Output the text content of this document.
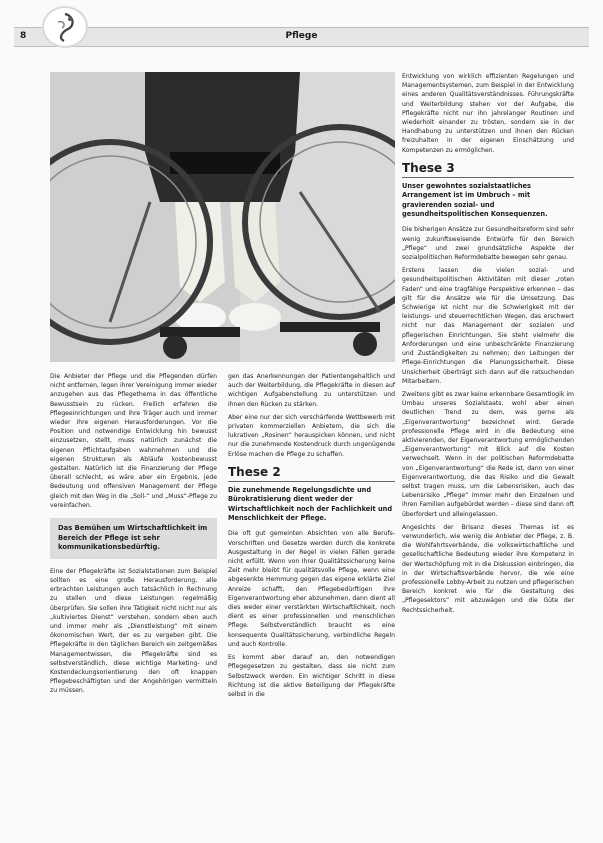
8	Pflege

Die Anbieter der Pflege und die Pflegenden dürfen nicht entfernen, legen ihrer Vereinigung immer wieder anzugehen aus das Pflegethema in das öffentliche Bewusstsein zu rücken. Freilich erfahren die Pflegeeinrichtungen und ihre Träger auch und immer wieder ihre eigenen Herausforderungen. Vor die Position und notwendige Entwicklung hin bewusst einzusetzen, stellt, muss natürlich zunächst die eigenen Pflichtaufgaben wahrnehmen und die eigenen Strukturen als Abläufe kostenbewusst gestalten. Natürlich ist die Finanzierung der Pflege überall schlecht, es wäre aber ein Ergebnis, jede Bedeutung und offensiven Management der Pflege gleich mit den Weg in die „Soll-“ und „Muss“-Pflege zu vereinfachen.

Das Bemühen um Wirtschaftlichkeit im Bereich der Pflege ist sehr kommunikationsbedürftig.

Eine der Pflegekräfte ist Sozialstationen zum Beispiel sollten es eine große Herausforderung, alle erbrachten Leistungen auch tatsächlich in Rechnung zu stellen und diese Leistungen regelmäßig überprüfen. Sie sollen ihre Tätigkeit nicht nicht nur als „kultiviertes Dienst“ verstehen, sondern eben auch und immer mehr als „Dienstleistung“ mit einem ökonomischen Wert, der es zu vergeben gibt. Die Pflegekräfte in den täglichen Bereich ein zeitgemäßes Managementwissen, die Pflegekräfte sind es selbstverständlich, diese wichtige Marketing- und Kostendeckungsorientierung den oft knappen Pflegebeschäftigten und der Angehörigen vermitteln zu müssen.

gen das Anerkennungen der Patientengehaltlich und auch der Weiterbildung, die Pflegekräfte in diesen auf wichtigen Aufgabenstellung zu unterstützen und ihnen den Rücken zu stärken.

Aber eine nur der sich verschärfende Wettbewerb mit privaten kommerziellen Anbietern, die sich die lukrativen „Rosinen“ herauspicken können, und nicht nur die zunehmende Kostendruck durch ungenügende Erlöse machen die Pflege zu schaffen.

These 2
Die zunehmende Regelungsdichte und Bürokratisierung dient weder der Wirtschaftlichkeit noch der Fachlichkeit und Menschlichkeit der Pflege.

Die oft gut gemeinten Absichten von alle Berufs- Vorschriften und Gesetze werden durch die konkrete Ausgestaltung in der Regel in vielen Fällen gerade nicht erfüllt. Wenn von Ihrer Qualitätssicherung keine Zeit mehr bleibt für qualitätsvolle Pflege, wenn eine abgesenkte Hemmung gegen das eigene erklärte Ziel Anreize schafft, den Pflegebedürftigen ihre Eigenverantwortung eher abzunehmen, dann dient all dies weder einer verstärkten Wirtschaftlichkeit, noch dient es einer professionellen und menschlichen Pflege. Selbstverständlich braucht es eine konsequente Qualitätssicherung, verbindliche Regeln und auch Kontrolle.

Es kommt aber darauf an, den notwendigen Pflegegesetzen zu gestalten, dass sie nicht zum Selbstzweck werden. Ein wichtiger Schritt in diese Richtung ist die aktive Beteiligung der Pflegekräfte selbst in die

Entwicklung von wirklich effizienten Regelungen und Managementsystemen, zum Beispiel in der Entwicklung eines anderen Qualitätsverständnisses. Führungskräfte und Weiterbildung stehen vor der Aufgabe, die Pflegekräfte nicht nur ihn jahrelanger Routinen und wiederholt einander zu trösten, sondern sie in der Handhabung zu unterstützen und ihnen den Rücken freizuhalten in der eigenen Einschätzung und Kompetenzen zu ermöglichen.

These 3
Unser gewohntes sozialstaatliches Arrangement ist im Umbruch – mit gravierenden sozial- und gesundheitspolitischen Konsequenzen.

Die bisherigen Ansätze zur Gesundheitsreform sind sehr wenig zukunftsweisende Entwürfe für den Bereich „Pflege“ und zwei grundsätzliche Aspekte der sozialpolitischen Reformdebatte bewegen sehr genau.

Erstens lassen die vielen sozial- und gesundheitspolitischen Aktivitäten mit dieser „roten Faden“ und eine tragfähige Perspektive erkennen – das gilt für die Ansätze wie für die Umsetzung. Das Schwierige ist nicht nur die Schwierigkeit mit der leistungs- und steuerrechtlichen Wegen, das erschwert nicht nur das Management der sozialen und pflegerischen Einrichtungen. Sie steht vielmehr die Anforderungen und eine unbeschränkte Finanzierung und Zuständigkeiten zu nehmen; den Leitungen der Pflege-Einrichtungen die Planungssicherheit. Diese Unsicherheit überträgt sich dann auf die ratsuchenden Mitarbeitern.

Zweitens gibt es zwar keine erkennbare Gesamtlogik im Umbau unseres Sozialstaats, wohl aber einen deutlichen Trend zu dem, was gerne als „Eigenverantwortung“ bezeichnet wird. Gerade professionelle Pflege wird in die Bedeutung eine aktivierenden, der Eigenverantwortung ermöglichenden „Eigenverantwortung“ mit Blick auf die Kosten verwechselt. Wenn in der politischen Reformdebatte von „Eigenverantwortung“ die Rede ist, dann von einer Eigenverantwortung, die das Risiko und die Gewalt selbst tragen muss, um die Lebensrisiken, auch das Lebensrisiko „Pflege“ immer mehr den Einzelnen und ihren Familien aufgebürdet werden – diese sind dann oft überfordert und alleingelassen.

Angesichts der Brisanz dieses Themas ist es verwunderlich, wie wenig die Anbieter der Pflege, z. B. die Wohlfahrtsverbände, die volkswirtschaftliche und gesellschaftliche Bedeutung wieder ihre Kompetenz in der Wertschöpfung mit in die Diskussion einbringen, die in der Wirtschaftsverbände hervor, die wie eine professionelle Lobby-Arbeit zu nutzen und pflegerischen Bereich konkret wie für die Gestaltung des „Pflegesektors“ mit abzuwägen und die Güte der Rechtssicherheit.
